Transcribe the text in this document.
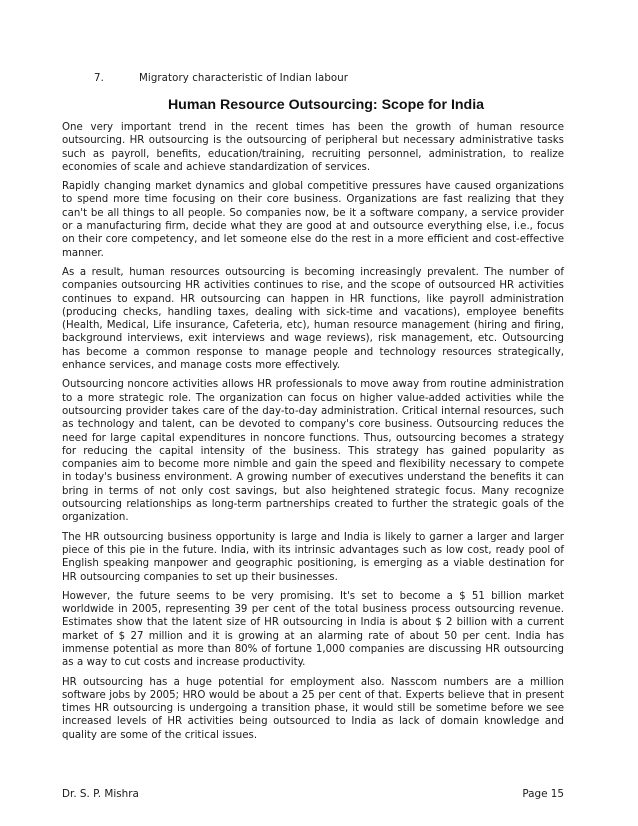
7.	Migratory characteristic of Indian labour
Human Resource Outsourcing: Scope for India

One very important trend in the recent times has been the growth of human resource outsourcing. HR outsourcing is the outsourcing of peripheral but necessary administrative tasks such as payroll, benefits, education/training, recruiting personnel, administration, to realize economies of scale and achieve standardization of services.

Rapidly changing market dynamics and global competitive pressures have caused organizations to spend more time focusing on their core business. Organizations are fast realizing that they can't be all things to all people. So companies now, be it a software company, a service provider or a manufacturing firm, decide what they are good at and outsource everything else, i.e., focus on their core competency, and let someone else do the rest in a more efficient and cost-effective manner.

As a result, human resources outsourcing is becoming increasingly prevalent. The number of companies outsourcing HR activities continues to rise, and the scope of outsourced HR activities continues to expand. HR outsourcing can happen in HR functions, like payroll administration (producing checks, handling taxes, dealing with sick-time and vacations), employee benefits (Health, Medical, Life insurance, Cafeteria, etc), human resource management (hiring and firing, background interviews, exit interviews and wage reviews), risk management, etc. Outsourcing has become a common response to manage people and technology resources strategically, enhance services, and manage costs more effectively.

Outsourcing noncore activities allows HR professionals to move away from routine administration to a more strategic role. The organization can focus on higher value-added activities while the outsourcing provider takes care of the day-to-day administration. Critical internal resources, such as technology and talent, can be devoted to company's core business. Outsourcing reduces the need for large capital expenditures in noncore functions. Thus, outsourcing becomes a strategy for reducing the capital intensity of the business. This strategy has gained popularity as companies aim to become more nimble and gain the speed and flexibility necessary to compete in today's business environment. A growing number of executives understand the benefits it can bring in terms of not only cost savings, but also heightened strategic focus. Many recognize outsourcing relationships as long-term partnerships created to further the strategic goals of the organization.

The HR outsourcing business opportunity is large and India is likely to garner a larger and larger piece of this pie in the future. India, with its intrinsic advantages such as low cost, ready pool of English speaking manpower and geographic positioning, is emerging as a viable destination for HR outsourcing companies to set up their businesses.

However, the future seems to be very promising. It's set to become a $ 51 billion market worldwide in 2005, representing 39 per cent of the total business process outsourcing revenue. Estimates show that the latent size of HR outsourcing in India is about $ 2 billion with a current market of $ 27 million and it is growing at an alarming rate of about 50 per cent. India has immense potential as more than 80% of fortune 1,000 companies are discussing HR outsourcing as a way to cut costs and increase productivity.

HR outsourcing has a huge potential for employment also. Nasscom numbers are a million software jobs by 2005; HRO would be about a 25 per cent of that. Experts believe that in present times HR outsourcing is undergoing a transition phase, it would still be sometime before we see increased levels of HR activities being outsourced to India as lack of domain knowledge and quality are some of the critical issues.

Dr. S. P. Mishra	Page 15
